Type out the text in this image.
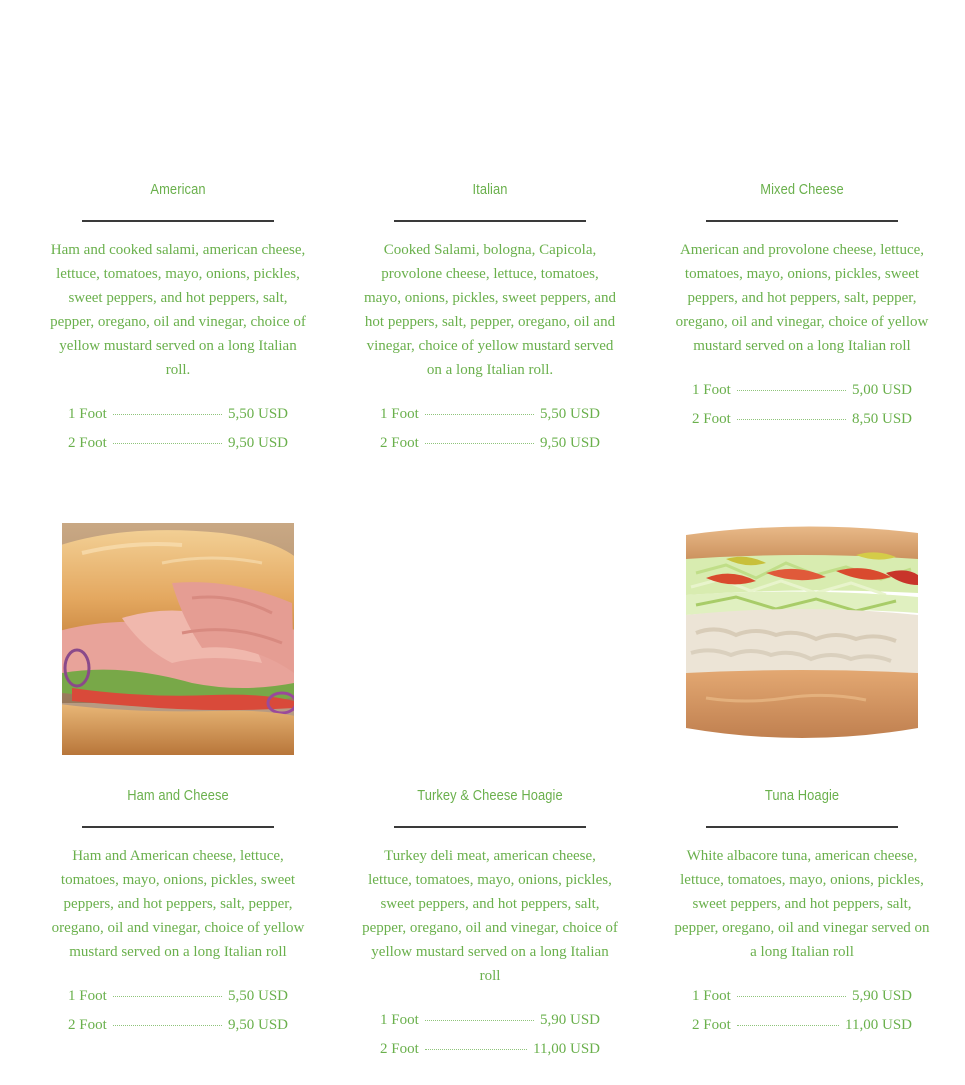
American
Ham and cooked salami, american cheese, lettuce, tomatoes, mayo, onions, pickles, sweet peppers, and hot peppers, salt, pepper, oregano, oil and vinegar, choice of yellow mustard served on a long Italian roll.
1 Foot	5,50 USD
2 Foot	9,50 USD
Italian
Cooked Salami, bologna, Capicola, provolone cheese, lettuce, tomatoes, mayo, onions, pickles, sweet peppers, and hot peppers, salt, pepper, oregano, oil and vinegar, choice of yellow mustard served on a long Italian roll.
1 Foot	5,50 USD
2 Foot	9,50 USD
Mixed Cheese
American and provolone cheese, lettuce, tomatoes, mayo, onions, pickles, sweet peppers, and hot peppers, salt, pepper, oregano, oil and vinegar, choice of yellow mustard served on a long Italian roll
1 Foot	5,00 USD
2 Foot	8,50 USD
Ham and Cheese
Ham and American cheese, lettuce, tomatoes, mayo, onions, pickles, sweet peppers, and hot peppers, salt, pepper, oregano, oil and vinegar, choice of yellow mustard served on a long Italian roll
1 Foot	5,50 USD
2 Foot	9,50 USD
Turkey & Cheese Hoagie
Turkey deli meat, american cheese, lettuce, tomatoes, mayo, onions, pickles, sweet peppers, and hot peppers, salt, pepper, oregano, oil and vinegar, choice of yellow mustard served on a long Italian roll
1 Foot	5,90 USD
2 Foot	11,00 USD
Tuna Hoagie
White albacore tuna, american cheese, lettuce, tomatoes, mayo, onions, pickles, sweet peppers, and hot peppers, salt, pepper, oregano, oil and vinegar served on a long Italian roll
1 Foot	5,90 USD
2 Foot	11,00 USD
